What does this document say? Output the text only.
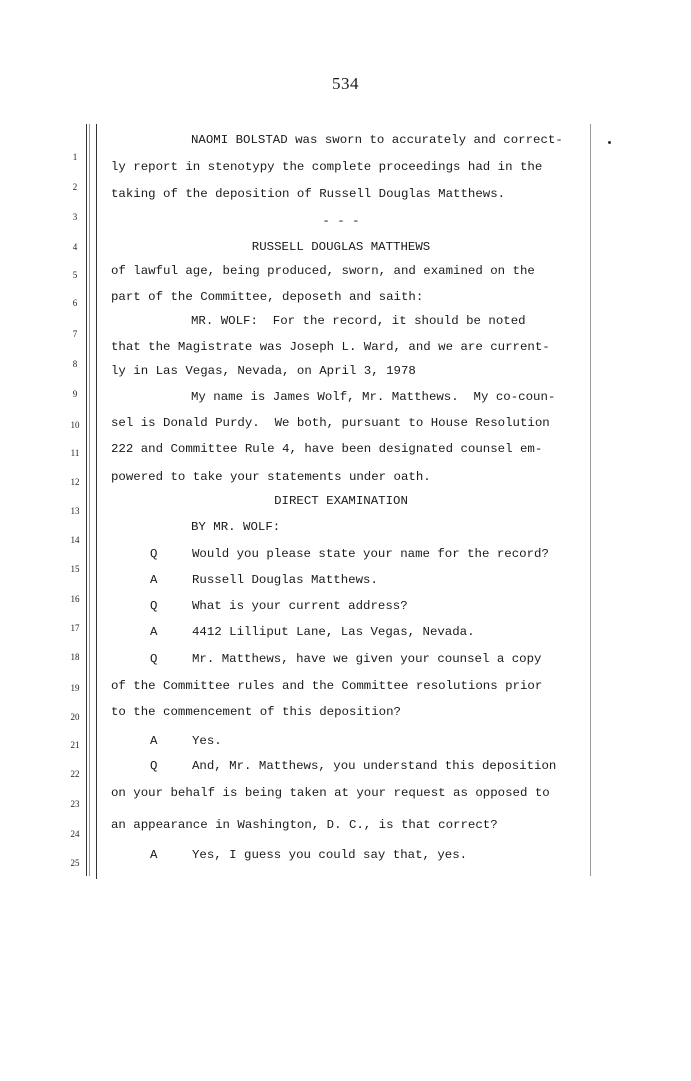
534
1
2
3
4
5
6
7
8
9
10
11
12
13
14
15
16
17
18
19
20
21
22
23
24
25
NAOMI BOLSTAD was sworn to accurately and correct-
ly report in stenotypy the complete proceedings had in the
taking of the deposition of Russell Douglas Matthews.
- - -
RUSSELL DOUGLAS MATTHEWS
of lawful age, being produced, sworn, and examined on the
part of the Committee, deposeth and saith:
MR. WOLF:  For the record, it should be noted
that the Magistrate was Joseph L. Ward, and we are current-
ly in Las Vegas, Nevada, on April 3, 1978
My name is James Wolf, Mr. Matthews.  My co-coun-
sel is Donald Purdy.  We both, pursuant to House Resolution
222 and Committee Rule 4, have been designated counsel em-
powered to take your statements under oath.
DIRECT EXAMINATION
BY MR. WOLF:
Q	Would you please state your name for the record?
A	Russell Douglas Matthews.
Q	What is your current address?
A	4412 Lilliput Lane, Las Vegas, Nevada.
Q	Mr. Matthews, have we given your counsel a copy
of the Committee rules and the Committee resolutions prior
to the commencement of this deposition?
A	Yes.
Q	And, Mr. Matthews, you understand this deposition
on your behalf is being taken at your request as opposed to
an appearance in Washington, D. C., is that correct?
A	Yes, I guess you could say that, yes.
